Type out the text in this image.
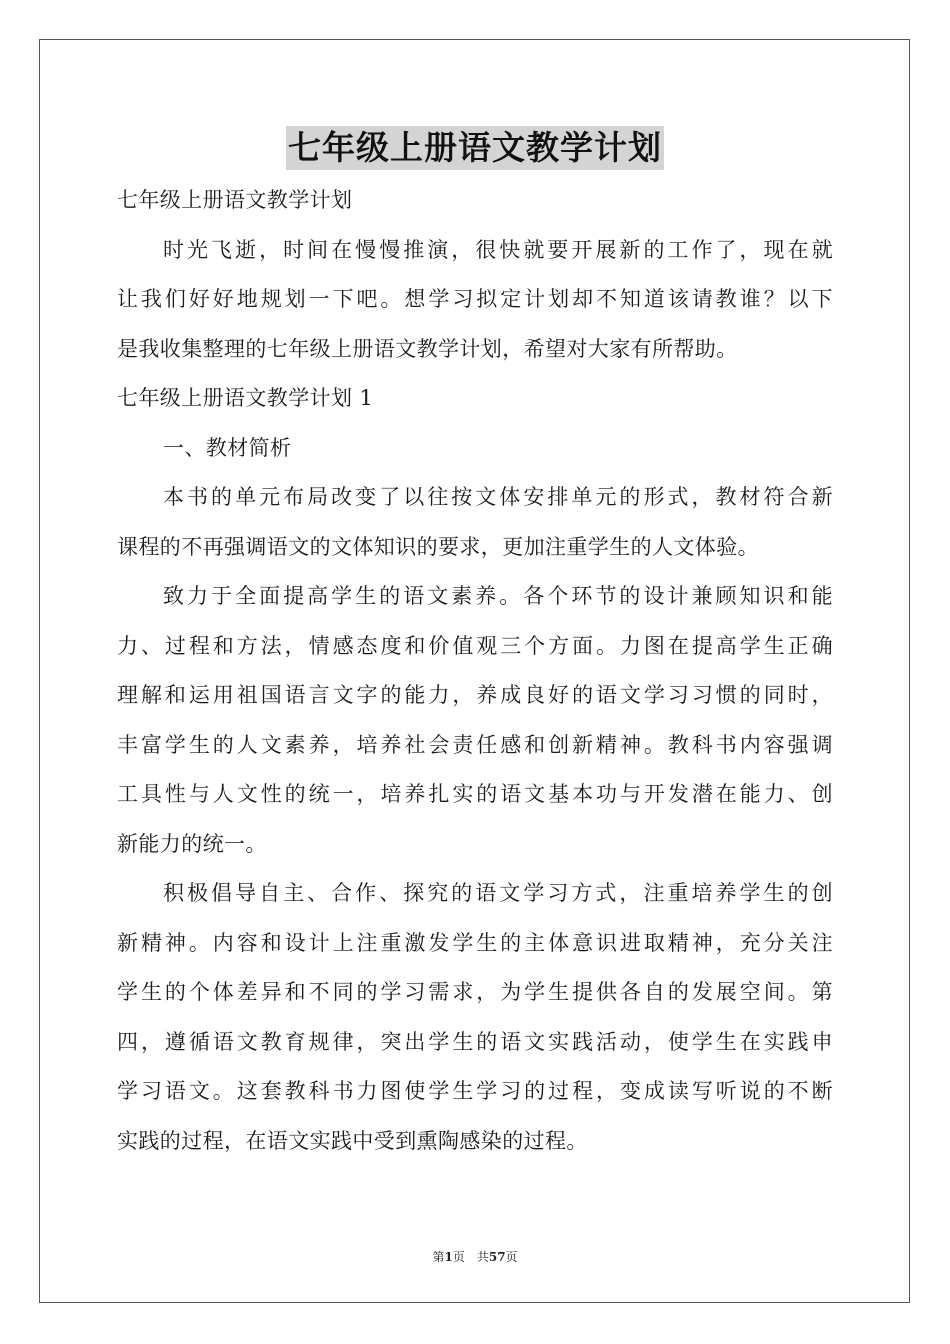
七年级上册语文教学计划
七年级上册语文教学计划
时光飞逝，时间在慢慢推演，很快就要开展新的工作了，现在就
让我们好好地规划一下吧。想学习拟定计划却不知道该请教谁？以下
是我收集整理的七年级上册语文教学计划，希望对大家有所帮助。
七年级上册语文教学计划 1
一、教材简析
本书的单元布局改变了以往按文体安排单元的形式，教材符合新
课程的不再强调语文的文体知识的要求，更加注重学生的人文体验。
致力于全面提高学生的语文素养。各个环节的设计兼顾知识和能
力、过程和方法，情感态度和价值观三个方面。力图在提高学生正确
理解和运用祖国语言文字的能力，养成良好的语文学习习惯的同时，
丰富学生的人文素养，培养社会责任感和创新精神。教科书内容强调
工具性与人文性的统一，培养扎实的语文基本功与开发潜在能力、创
新能力的统一。
积极倡导自主、合作、探究的语文学习方式，注重培养学生的创
新精神。内容和设计上注重激发学生的主体意识进取精神，充分关注
学生的个体差异和不同的学习需求，为学生提供各自的发展空间。第
四，遵循语文教育规律，突出学生的语文实践活动，使学生在实践申
学习语文。这套教科书力图使学生学习的过程，变成读写听说的不断
实践的过程，在语文实践中受到熏陶感染的过程。
第1页 共57页
